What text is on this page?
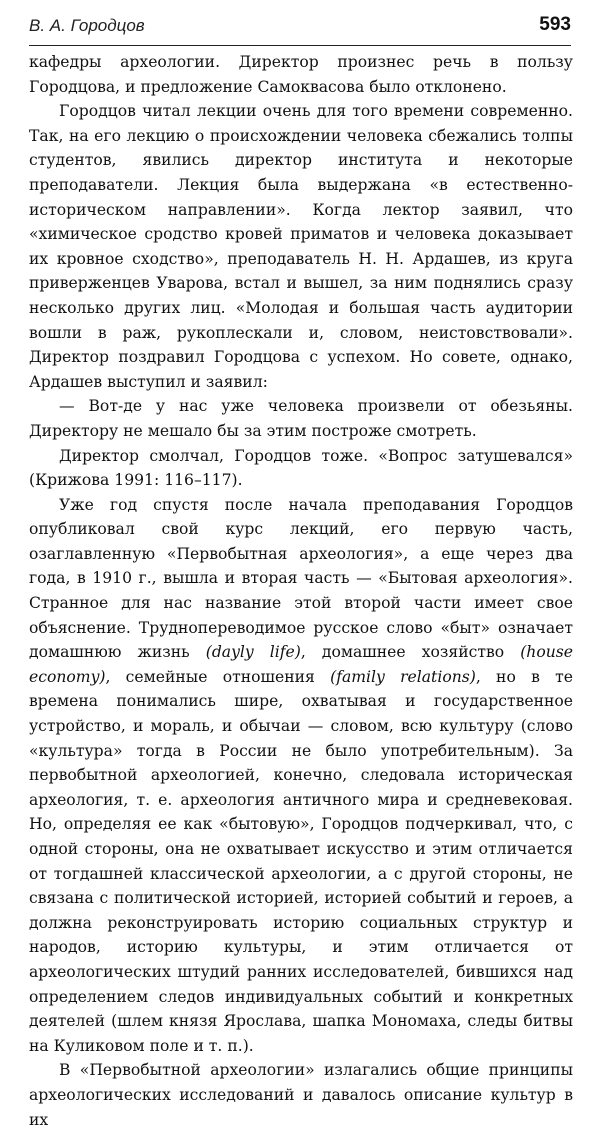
В. А. Городцов	593

кафедры археологии. Директор произнес речь в пользу Городцова, и предложение Самоквасова было отклонено.

Городцов читал лекции очень для того времени современно. Так, на его лекцию о происхождении человека сбежались толпы студентов, явились директор института и некоторые преподаватели. Лекция была выдержана «в естественно-историческом направлении». Когда лектор заявил, что «химическое сродство кровей приматов и человека доказывает их кровное сходство», преподаватель Н. Н. Ардашев, из круга приверженцев Уварова, встал и вышел, за ним поднялись сразу несколько других лиц. «Молодая и большая часть аудитории вошли в раж, рукоплескали и, словом, неистовствовали». Директор поздравил Городцова с успехом. Но совете, однако, Ардашев выступил и заявил:

— Вот-де у нас уже человека произвели от обезьяны. Директору не мешало бы за этим построже смотреть.

Директор смолчал, Городцов тоже. «Вопрос затушевался» (Крижова 1991: 116–117).

Уже год спустя после начала преподавания Городцов опубликовал свой курс лекций, его первую часть, озаглавленную «Первобытная археология», а еще через два года, в 1910 г., вышла и вторая часть — «Бытовая археология». Странное для нас название этой второй части имеет свое объяснение. Труднопереводимое русское слово «быт» означает домашнюю жизнь (dayly life), домашнее хозяйство (house economy), семейные отношения (family relations), но в те времена понимались шире, охватывая и государственное устройство, и мораль, и обычаи — словом, всю культуру (слово «культура» тогда в России не было употребительным). За первобытной археологией, конечно, следовала историческая археология, т. е. археология античного мира и средневековая. Но, определяя ее как «бытовую», Городцов подчеркивал, что, с одной стороны, она не охватывает искусство и этим отличается от тогдашней классической археологии, а с другой стороны, не связана с политической историей, историей событий и героев, а должна реконструировать историю социальных структур и народов, историю культуры, и этим отличается от археологических штудий ранних исследователей, бившихся над определением следов индивидуальных событий и конкретных деятелей (шлем князя Ярослава, шапка Мономаха, следы битвы на Куликовом поле и т. п.).

В «Первобытной археологии» излагались общие принципы археологических исследований и давалось описание культур в их
